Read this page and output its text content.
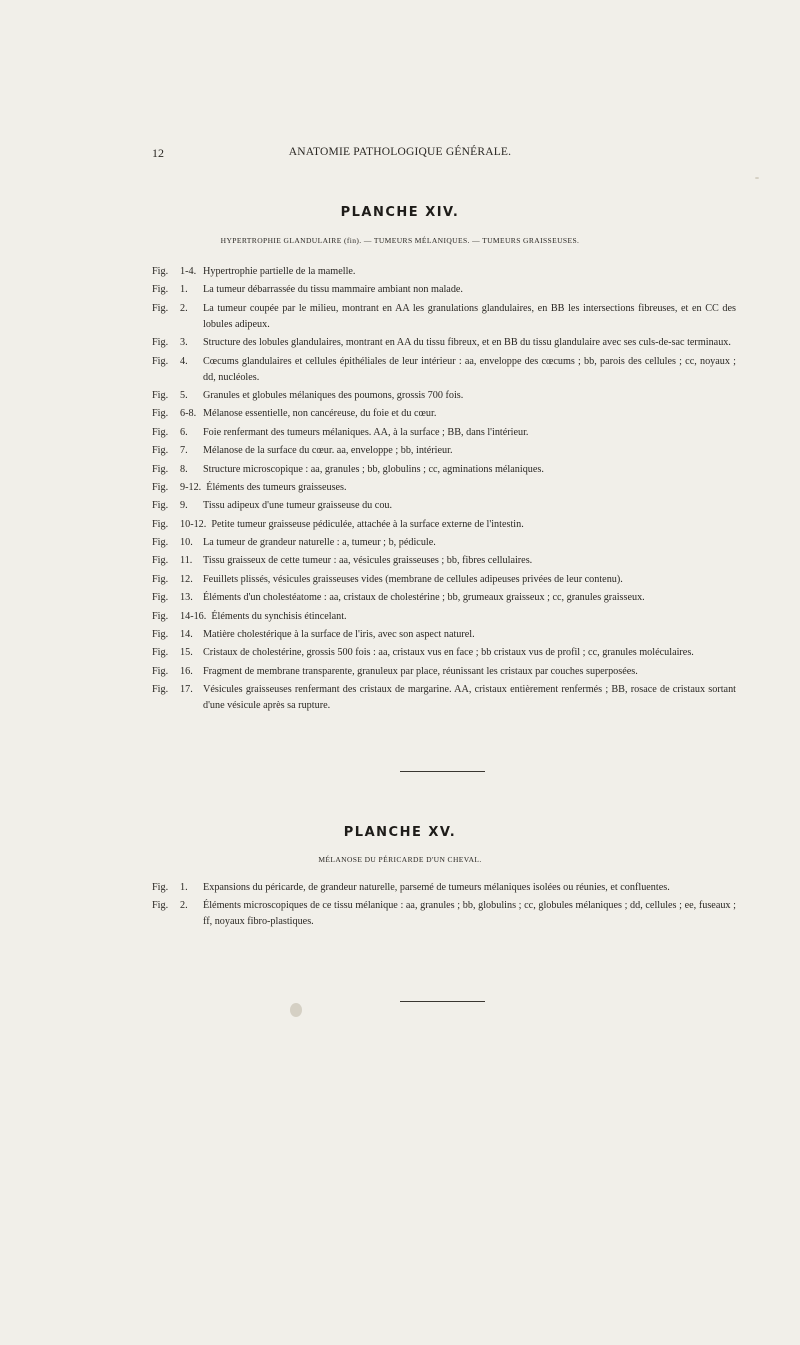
12	ANATOMIE PATHOLOGIQUE GÉNÉRALE.
PLANCHE XIV.
HYPERTROPHIE GLANDULAIRE (fin). — TUMEURS MÉLANIQUES. — TUMEURS GRAISSEUSES.
Fig.	1-4. Hypertrophie partielle de la mamelle.
Fig.	1.	La tumeur débarrassée du tissu mammaire ambiant non malade.
Fig.	2.	La tumeur coupée par le milieu, montrant en AA les granulations glandulaires, en BB les intersections fibreuses, et en CC des lobules adipeux.
Fig.	3.	Structure des lobules glandulaires, montrant en AA du tissu fibreux, et en BB du tissu glandulaire avec ses culs-de-sac terminaux.
Fig.	4.	Cœcums glandulaires et cellules épithéliales de leur intérieur : aa, enveloppe des cœcums ; bb, parois des cellules ; cc, noyaux ; dd, nucléoles.
Fig.	5.	Granules et globules mélaniques des poumons, grossis 700 fois.
Fig.	6-8. Mélanose essentielle, non cancéreuse, du foie et du cœur.
Fig.	6.	Foie renfermant des tumeurs mélaniques. AA, à la surface ; BB, dans l'intérieur.
Fig.	7.	Mélanose de la surface du cœur. aa, enveloppe ; bb, intérieur.
Fig.	8.	Structure microscopique : aa, granules ; bb, globulins ; cc, agminations mélaniques.
Fig.	9-12. Éléments des tumeurs graisseuses.
Fig.	9.	Tissu adipeux d'une tumeur graisseuse du cou.
Fig.	10-12. Petite tumeur graisseuse pédiculée, attachée à la surface externe de l'intestin.
Fig.	10.	La tumeur de grandeur naturelle : a, tumeur ; b, pédicule.
Fig.	11.	Tissu graisseux de cette tumeur : aa, vésicules graisseuses ; bb, fibres cellulaires.
Fig.	12.	Feuillets plissés, vésicules graisseuses vides (membrane de cellules adipeuses privées de leur contenu).
Fig.	13.	Éléments d'un cholestéatome : aa, cristaux de cholestérine ; bb, grumeaux graisseux ; cc, granules graisseux.
Fig.	14-16. Éléments du synchisis étincelant.
Fig.	14.	Matière cholestérique à la surface de l'iris, avec son aspect naturel.
Fig.	15.	Cristaux de cholestérine, grossis 500 fois : aa, cristaux vus en face ; bb cristaux vus de profil ; cc, granules moléculaires.
Fig.	16.	Fragment de membrane transparente, granuleux par place, réunissant les cristaux par couches superposées.
Fig.	17.	Vésicules graisseuses renfermant des cristaux de margarine. AA, cristaux entièrement renfermés ; BB, rosace de cristaux sortant d'une vésicule après sa rupture.
PLANCHE XV.
MÉLANOSE DU PÉRICARDE D'UN CHEVAL.
Fig.	1.	Expansions du péricarde, de grandeur naturelle, parsemé de tumeurs mélaniques isolées ou réunies, et confluentes.
Fig.	2.	Éléments microscopiques de ce tissu mélanique : aa, granules ; bb, globulins ; cc, globules mélaniques ; dd, cellules ; ee, fuseaux ; ff, noyaux fibro-plastiques.
